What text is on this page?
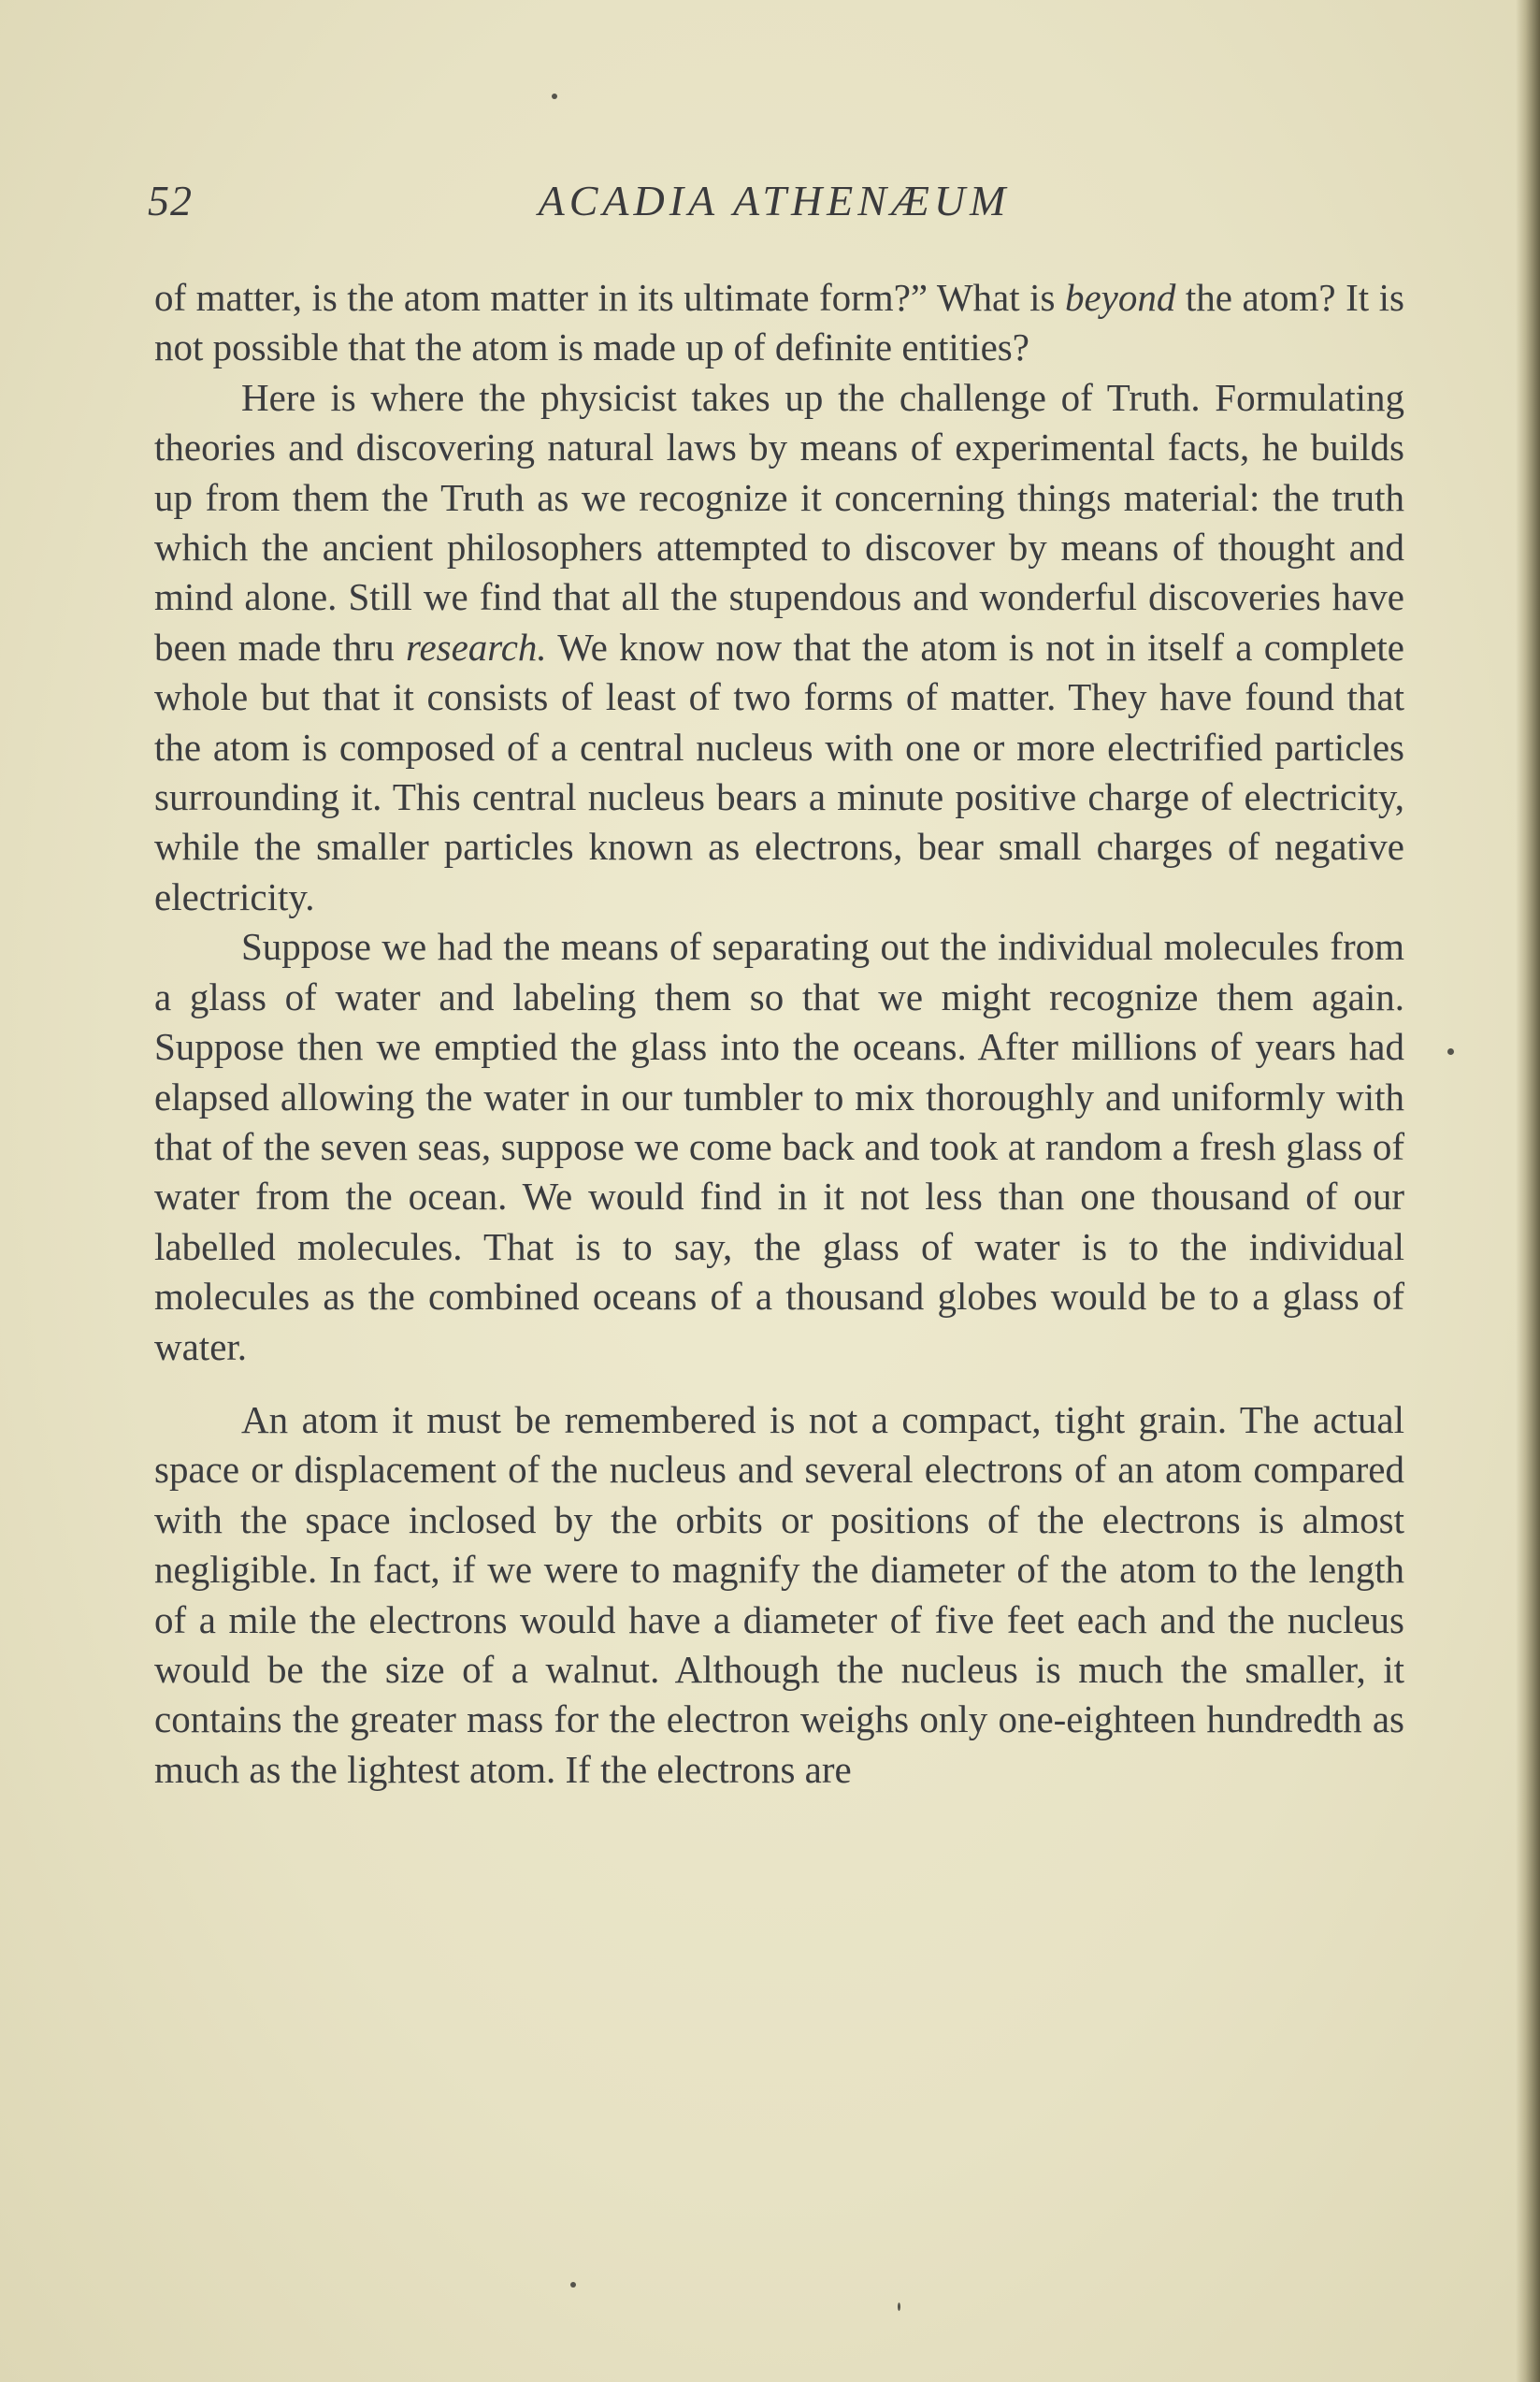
52	ACADIA ATHENÆUM

of matter, is the atom matter in its ultimate form?” What is beyond the atom? It is not possible that the atom is made up of definite entities?

Here is where the physicist takes up the challenge of Truth. Formulating theories and discovering natural laws by means of experimental facts, he builds up from them the Truth as we recognize it concerning things material: the truth which the ancient philosophers attempted to discover by means of thought and mind alone. Still we find that all the stupendous and wonderful discoveries have been made thru research. We know now that the atom is not in itself a complete whole but that it consists of least of two forms of matter. They have found that the atom is composed of a central nucleus with one or more electrified particles surrounding it. This central nucleus bears a minute positive charge of electricity, while the smaller particles known as electrons, bear small charges of negative electricity.

Suppose we had the means of separating out the individual molecules from a glass of water and labeling them so that we might recognize them again. Suppose then we emptied the glass into the oceans. After millions of years had elapsed allowing the water in our tumbler to mix thoroughly and uniformly with that of the seven seas, suppose we come back and took at random a fresh glass of water from the ocean. We would find in it not less than one thousand of our labelled molecules. That is to say, the glass of water is to the individual molecules as the combined oceans of a thousand globes would be to a glass of water.

An atom it must be remembered is not a compact, tight grain. The actual space or displacement of the nucleus and several electrons of an atom compared with the space inclosed by the orbits or positions of the electrons is almost negligible. In fact, if we were to magnify the diameter of the atom to the length of a mile the electrons would have a diameter of five feet each and the nucleus would be the size of a walnut. Although the nucleus is much the smaller, it contains the greater mass for the electron weighs only one-eighteen hundredth as much as the lightest atom. If the electrons are
